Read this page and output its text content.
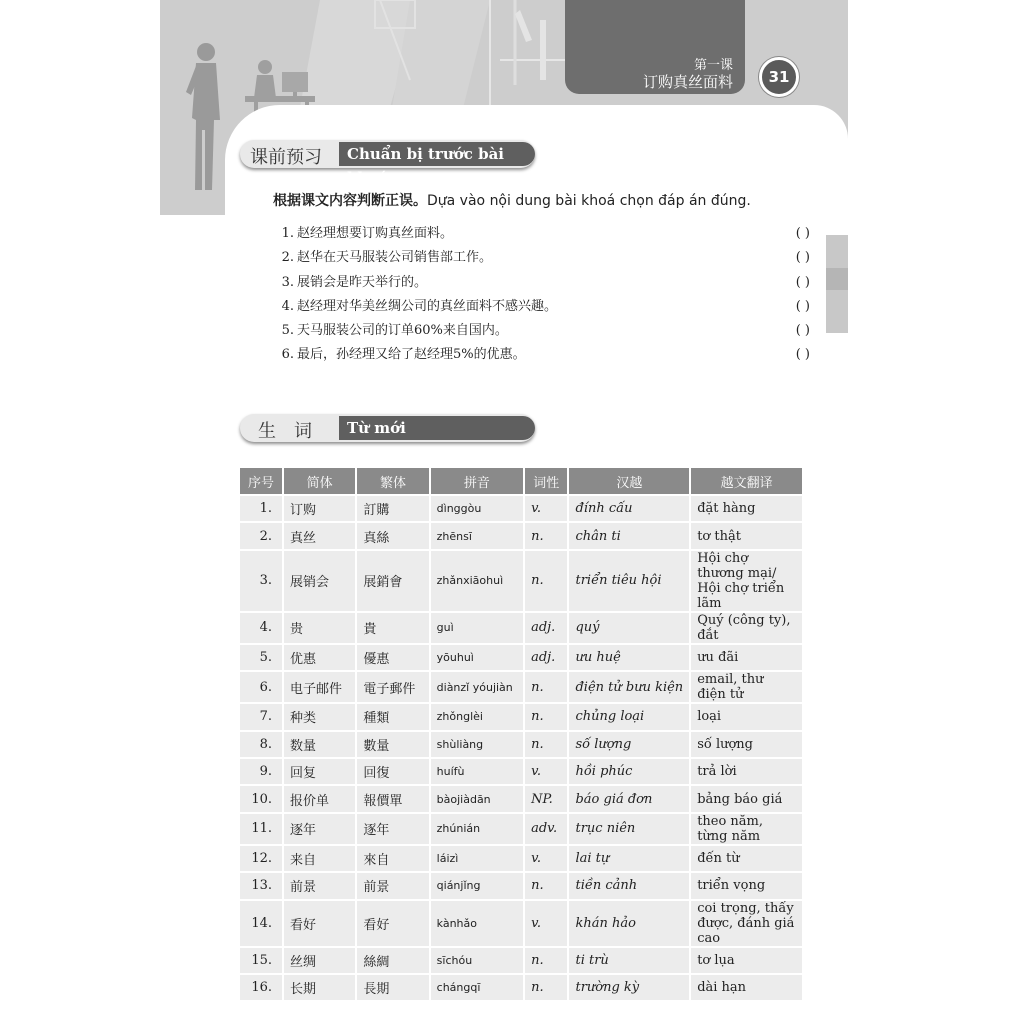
第一课
订购真丝面料	31
课前预习	Chuẩn bị trước bài khoá
根据课文内容判断正误。Dựa vào nội dung bài khoá chọn đáp án đúng.
1. 赵经理想要订购真丝面料。	( )
2. 赵华在天马服装公司销售部工作。	( )
3. 展销会是昨天举行的。	( )
4. 赵经理对华美丝绸公司的真丝面料不感兴趣。	( )
5. 天马服装公司的订单60%来自国内。	( )
6. 最后，孙经理又给了赵经理5%的优惠。	( )
生　词	Từ mới
序号	简体	繁体	拼音	词性	汉越	越文翻译
1.	订购	訂購	dìnggòu	v.	đính cấu	đặt hàng
2.	真丝	真絲	zhēnsī	n.	chân ti	tơ thật
3.	展销会	展銷會	zhǎnxiāohuì	n.	triển tiêu hội	Hội chợ thương mại/ Hội chợ triển lãm
4.	贵	貴	guì	adj.	quý	Quý (công ty), đắt
5.	优惠	優惠	yōuhuì	adj.	ưu huệ	ưu đãi
6.	电子邮件	電子郵件	diànzǐ yóujiàn	n.	điện tử bưu kiện	email, thư điện tử
7.	种类	種類	zhǒnglèi	n.	chủng loại	loại
8.	数量	數量	shùliàng	n.	số lượng	số lượng
9.	回复	回復	huífù	v.	hồi phúc	trả lời
10.	报价单	報價單	bàojiàdān	NP.	báo giá đơn	bảng báo giá
11.	逐年	逐年	zhúnián	adv.	trục niên	theo năm, từng năm
12.	来自	來自	láizì	v.	lai tự	đến từ
13.	前景	前景	qiánjǐng	n.	tiền cảnh	triển vọng
14.	看好	看好	kànhǎo	v.	khán hảo	coi trọng, thấy được, đánh giá cao
15.	丝绸	絲綢	sīchóu	n.	ti trù	tơ lụa
16.	长期	長期	chángqī	n.	trường kỳ	dài hạn
